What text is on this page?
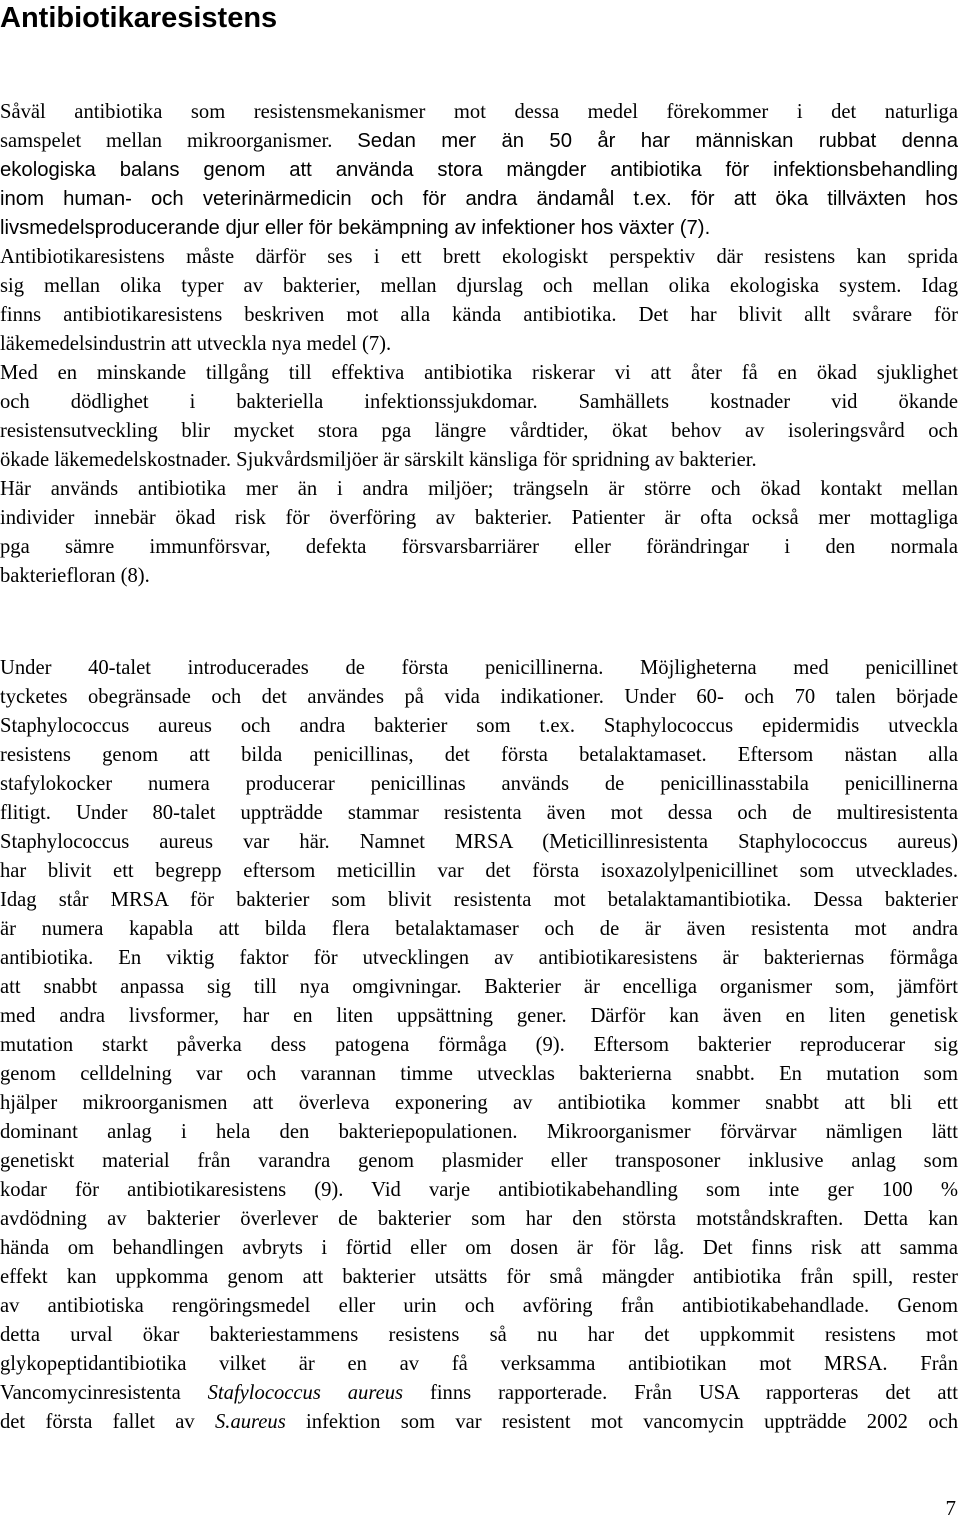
Antibiotikaresistens
Såväl antibiotika som resistensmekanismer mot dessa medel förekommer i det naturliga
samspelet mellan mikroorganismer. Sedan mer än 50 år har människan rubbat denna
ekologiska balans genom att använda stora mängder antibiotika för infektionsbehandling
inom human- och veterinärmedicin och för andra ändamål t.ex. för att öka tillväxten hos
livsmedelsproducerande djur eller för bekämpning av infektioner hos växter (7).
Antibiotikaresistens måste därför ses i ett brett ekologiskt perspektiv där resistens kan sprida
sig mellan olika typer av bakterier, mellan djurslag och mellan olika ekologiska system. Idag
finns antibiotikaresistens beskriven mot alla kända antibiotika. Det har blivit allt svårare för
läkemedelsindustrin att utveckla nya medel (7).
Med en minskande tillgång till effektiva antibiotika riskerar vi att åter få en ökad sjuklighet
och dödlighet i bakteriella infektionssjukdomar. Samhällets kostnader vid ökande
resistensutveckling blir mycket stora pga längre vårdtider, ökat behov av isoleringsvård och
ökade läkemedelskostnader. Sjukvårdsmiljöer är särskilt känsliga för spridning av bakterier.
Här används antibiotika mer än i andra miljöer; trängseln är större och ökad kontakt mellan
individer innebär ökad risk för överföring av bakterier. Patienter är ofta också mer mottagliga
pga sämre immunförsvar, defekta försvarsbarriärer eller förändringar i den normala
bakteriefloran (8).
Under 40-talet introducerades de första penicillinerna. Möjligheterna med penicillinet
tycketes obegränsade och det användes på vida indikationer. Under 60- och 70 talen började
Staphylococcus aureus och andra bakterier som t.ex. Staphylococcus epidermidis utveckla
resistens genom att bilda penicillinas, det första betalaktamaset. Eftersom nästan alla
stafylokocker numera producerar penicillinas används de penicillinasstabila penicillinerna
flitigt. Under 80-talet uppträdde stammar resistenta även mot dessa och de multiresistenta
Staphylococcus aureus var här. Namnet MRSA (Meticillinresistenta Staphylococcus aureus)
har blivit ett begrepp eftersom meticillin var det första isoxazolylpenicillinet som utvecklades.
Idag står MRSA för bakterier som blivit resistenta mot betalaktamantibiotika. Dessa bakterier
är numera kapabla att bilda flera betalaktamaser och de är även resistenta mot andra
antibiotika. En viktig faktor för utvecklingen av antibiotikaresistens är bakteriernas förmåga
att snabbt anpassa sig till nya omgivningar. Bakterier är encelliga organismer som, jämfört
med andra livsformer, har en liten uppsättning gener. Därför kan även en liten genetisk
mutation starkt påverka dess patogena förmåga (9). Eftersom bakterier reproducerar sig
genom celldelning var och varannan timme utvecklas bakterierna snabbt. En mutation som
hjälper mikroorganismen att överleva exponering av antibiotika kommer snabbt att bli ett
dominant anlag i hela den bakteriepopulationen. Mikroorganismer förvärvar nämligen lätt
genetiskt material från varandra genom plasmider eller transposoner inklusive anlag som
kodar för antibiotikaresistens (9). Vid varje antibiotikabehandling som inte ger 100 %
avdödning av bakterier överlever de bakterier som har den största motståndskraften. Detta kan
hända om behandlingen avbryts i förtid eller om dosen är för låg. Det finns risk att samma
effekt kan uppkomma genom att bakterier utsätts för små mängder antibiotika från spill, rester
av antibiotiska rengöringsmedel eller urin och avföring från antibiotikabehandlade. Genom
detta urval ökar bakteriestammens resistens så nu har det uppkommit resistens mot
glykopeptidantibiotika vilket är en av få verksamma antibiotikan mot MRSA. Från
Vancomycinresistenta Stafylococcus aureus finns rapporterade. Från USA rapporteras det att
det första fallet av S.aureus infektion som var resistent mot vancomycin uppträdde 2002 och
7
